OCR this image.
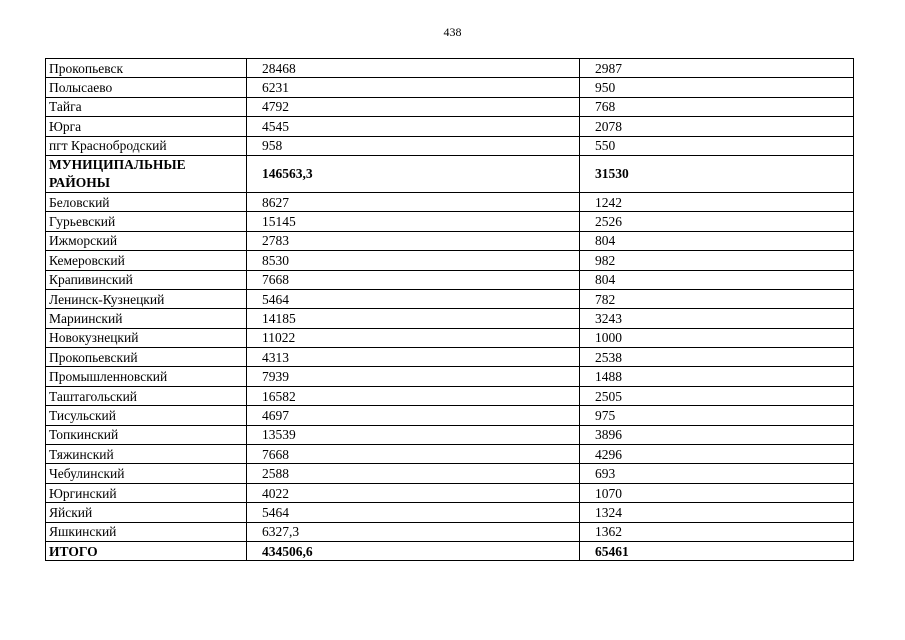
438
Прокопьевск	28468	2987
Полысаево	6231	950
Тайга	4792	768
Юрга	4545	2078
пгт Краснобродский	958	550
МУНИЦИПАЛЬНЫЕ РАЙОНЫ	146563,3	31530
Беловский	8627	1242
Гурьевский	15145	2526
Ижморский	2783	804
Кемеровский	8530	982
Крапивинский	7668	804
Ленинск-Кузнецкий	5464	782
Мариинский	14185	3243
Новокузнецкий	11022	1000
Прокопьевский	4313	2538
Промышленновский	7939	1488
Таштагольский	16582	2505
Тисульский	4697	975
Топкинский	13539	3896
Тяжинский	7668	4296
Чебулинский	2588	693
Юргинский	4022	1070
Яйский	5464	1324
Яшкинский	6327,3	1362
ИТОГО	434506,6	65461
